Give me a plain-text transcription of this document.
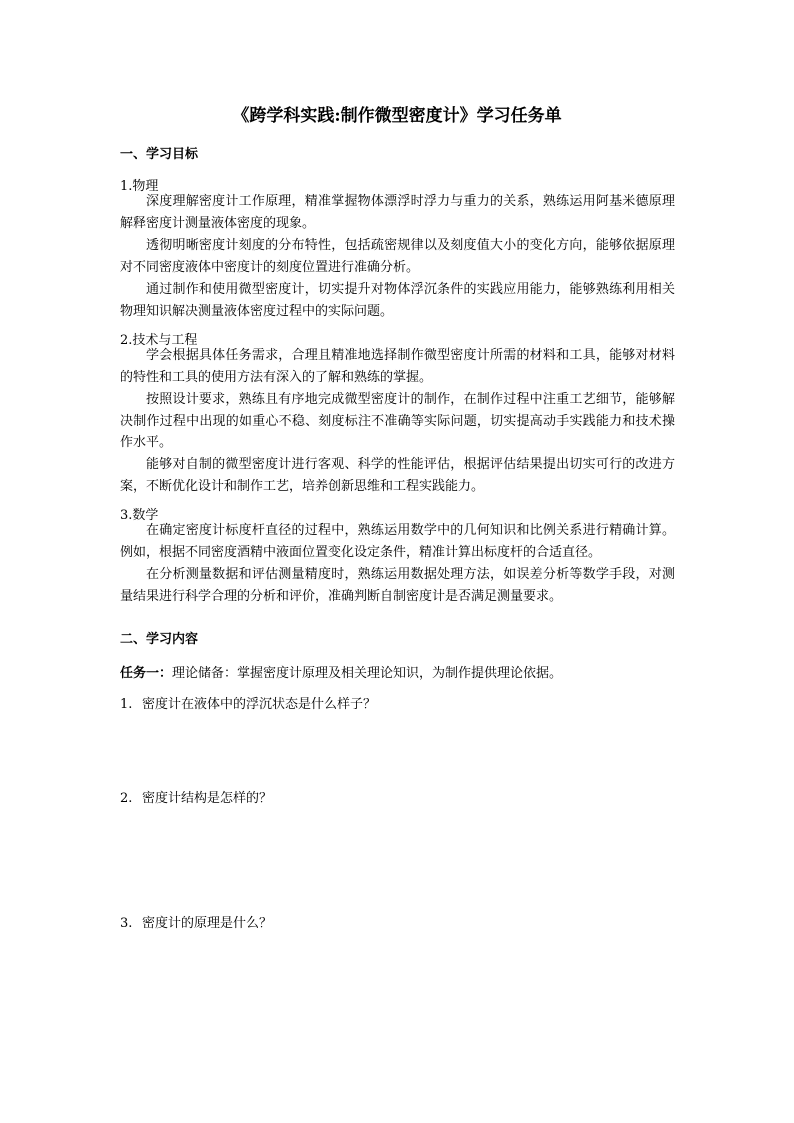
《跨学科实践:制作微型密度计》学习任务单
一、学习目标
1.物理

深度理解密度计工作原理，精准掌握物体漂浮时浮力与重力的关系，熟练运用阿基米德原理解释密度计测量液体密度的现象。

透彻明晰密度计刻度的分布特性，包括疏密规律以及刻度值大小的变化方向，能够依据原理对不同密度液体中密度计的刻度位置进行准确分析。

通过制作和使用微型密度计，切实提升对物体浮沉条件的实践应用能力，能够熟练利用相关物理知识解决测量液体密度过程中的实际问题。

2.技术与工程

学会根据具体任务需求，合理且精准地选择制作微型密度计所需的材料和工具，能够对材料的特性和工具的使用方法有深入的了解和熟练的掌握。

按照设计要求，熟练且有序地完成微型密度计的制作，在制作过程中注重工艺细节，能够解决制作过程中出现的如重心不稳、刻度标注不准确等实际问题，切实提高动手实践能力和技术操作水平。

能够对自制的微型密度计进行客观、科学的性能评估，根据评估结果提出切实可行的改进方案，不断优化设计和制作工艺，培养创新思维和工程实践能力。

3.数学

在确定密度计标度杆直径的过程中，熟练运用数学中的几何知识和比例关系进行精确计算。例如，根据不同密度酒精中液面位置变化设定条件，精准计算出标度杆的合适直径。

在分析测量数据和评估测量精度时，熟练运用数据处理方法，如误差分析等数学手段，对测量结果进行科学合理的分析和评价，准确判断自制密度计是否满足测量要求。

二、学习内容
任务一：理论储备：掌握密度计原理及相关理论知识，为制作提供理论依据。
1. 密度计在液体中的浮沉状态是什么样子？
2. 密度计结构是怎样的？
3. 密度计的原理是什么？
